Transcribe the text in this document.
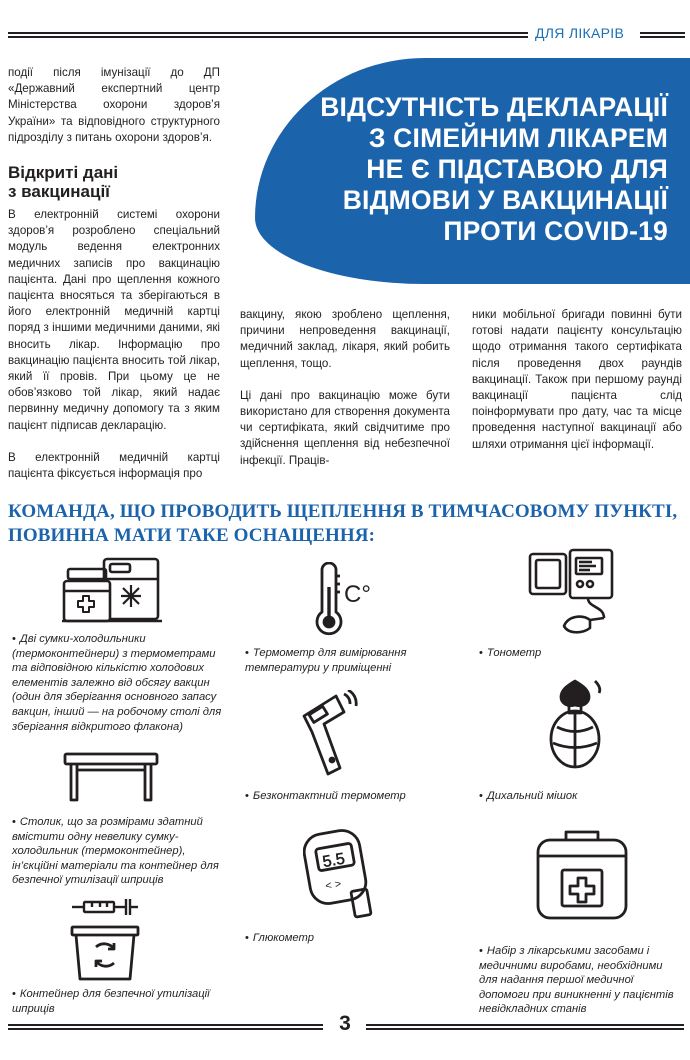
ДЛЯ ЛІКАРІВ
ВІДСУТНІСТЬ ДЕКЛАРАЦІЇ
З СІМЕЙНИМ ЛІКАРЕМ
НЕ Є ПІДСТАВОЮ ДЛЯ
ВІДМОВИ У ВАКЦИНАЦІЇ
ПРОТИ COVID-19

події після імунізації до ДП «Державний експертний центр Міністерства охорони здоров’я України» та відповідного структурного підрозділу з питань охорони здоров’я.

Відкриті дані
з вакцинації

В електронній системі охорони здоров’я розроблено спеціальний модуль ведення електронних медичних записів про вакцинацію пацієнта. Дані про щеплення кожного пацієнта вносяться та зберігаються в його електронній медичній картці поряд з іншими медичними даними, які вносить лікар. Інформацію про вакцинацію пацієнта вносить той лікар, який її провів. При цьому це не обов’язково той лікар, який надає первинну медичну допомогу та з яким пацієнт підписав декларацію.

В електронній медичній картці пацієнта фіксується інформація про

вакцину, якою зроблено щеплення, причини непроведення вакцинації, медичний заклад, лікаря, який робить щеплення, тощо.

Ці дані про вакцинацію може бути використано для створення документа чи сертифіката, який свідчитиме про здійснення щеплення від небезпечної інфекції. Праців-

ники мобільної бригади повинні бути готові надати пацієнту консультацію щодо отримання такого сертифіката після проведення двох раундів вакцинації. Також при першому раунді вакцинації пацієнта слід поінформувати про дату, час та місце проведення наступної вакцинації або шляхи отримання цієї інформації.

КОМАНДА, ЩО ПРОВОДИТЬ ЩЕПЛЕННЯ В ТИМЧАСОВОМУ ПУНКТІ,
ПОВИННА МАТИ ТАКЕ ОСНАЩЕННЯ:
C°
5.5
< >
• Дві сумки-холодильники (термоконтейнери) з термометрами та відповідною кількістю холодових елементів залежно від обсягу вакцин (один для зберігання основного запасу вакцин, інший — на робочому столі для зберігання відкритого флакона)
• Столик, що за розмірами здатний вмістити одну невелику сумку-холодильник (термоконтейнер), ін’єкційні матеріали та контейнер для безпечної утилізації шприців
• Контейнер для безпечної утилізації шприців
• Термометр для вимірювання температури у приміщенні
• Безконтактний термометр
• Глюкометр
• Тонометр
• Дихальний мішок
• Набір з лікарськими засобами і медичними виробами, необхідними для надання першої медичної допомоги при виникненні у пацієнтів невідкладних станів
3
